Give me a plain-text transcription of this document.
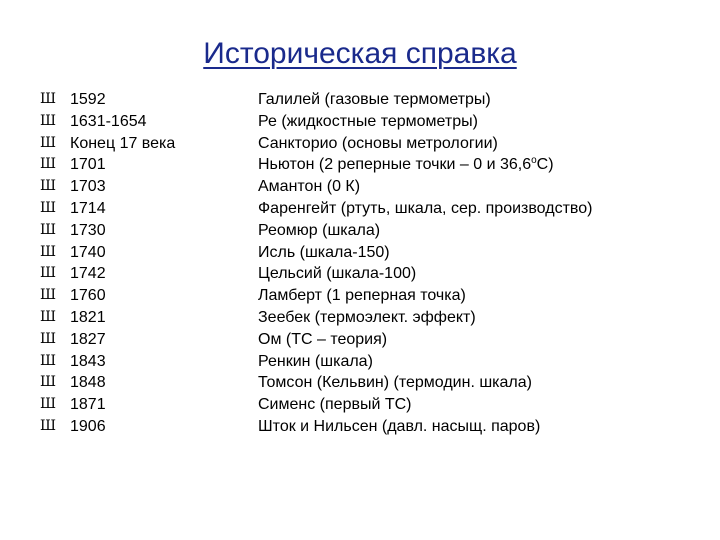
Историческая справка
Ш 1592	Галилей (газовые термометры)
Ш 1631-1654	Ре (жидкостные термометры)
Ш Конец 17 века	Санкторио (основы метрологии)
Ш 1701	Ньютон (2 реперные точки – 0 и $36,6^оС$)
Ш 1703	Амантон (0 К)
Ш 1714	Фаренгейт (ртуть, шкала, сер. производство)
Ш 1730	Реомюр (шкала)
Ш 1740	Исль (шкала-150)
Ш 1742	Цельсий (шкала-100)
Ш 1760	Ламберт (1 реперная точка)
Ш 1821	Зеебек (термоэлект. эффект)
Ш 1827	Ом (ТС – теория)
Ш 1843	Ренкин (шкала)
Ш 1848	Томсон (Кельвин) (термодин. шкала)
Ш 1871	Сименс (первый ТС)
Ш 1906	Шток и Нильсен (давл. насыщ. паров)
